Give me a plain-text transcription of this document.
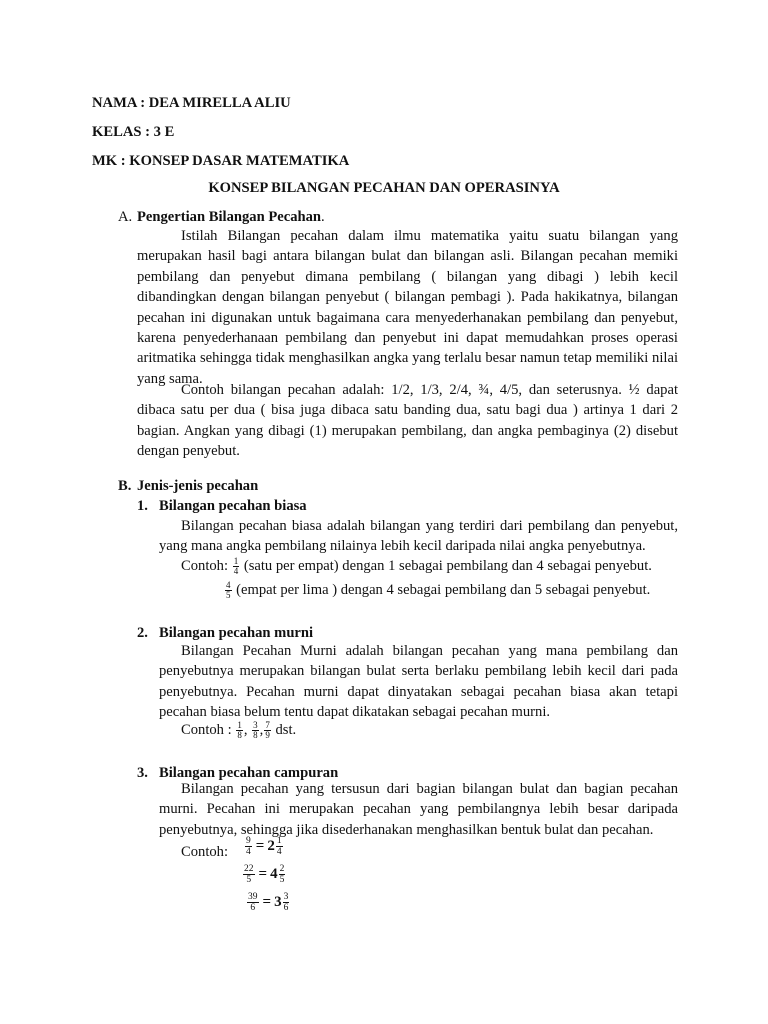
NAMA : DEA MIRELLA ALIU
KELAS : 3 E
MK : KONSEP DASAR MATEMATIKA
KONSEP BILANGAN PECAHAN DAN OPERASINYA
A. Pengertian Bilangan Pecahan.
Istilah Bilangan pecahan dalam ilmu matematika yaitu suatu bilangan yang merupakan hasil bagi antara bilangan bulat dan bilangan asli. Bilangan pecahan memiki pembilang dan penyebut dimana pembilang ( bilangan yang dibagi ) lebih kecil dibandingkan dengan bilangan penyebut ( bilangan pembagi ). Pada hakikatnya, bilangan pecahan ini digunakan untuk bagaimana cara menyederhanakan pembilang dan penyebut, karena penyederhanaan pembilang dan penyebut ini dapat memudahkan proses operasi aritmatika sehingga tidak menghasilkan angka yang terlalu besar namun tetap memiliki nilai yang sama.
Contoh bilangan pecahan adalah: 1/2, 1/3, 2/4, ¾, 4/5, dan seterusnya. ½ dapat dibaca satu per dua ( bisa juga dibaca satu banding dua, satu bagi dua ) artinya 1 dari 2 bagian. Angkan yang dibagi (1) merupakan pembilang, dan angka pembaginya (2) disebut dengan penyebut.
B. Jenis-jenis pecahan
1. Bilangan pecahan biasa
Bilangan pecahan biasa adalah bilangan yang terdiri dari pembilang dan penyebut, yang mana angka pembilang nilainya lebih kecil daripada nilai angka penyebutnya.
Contoh: $\frac{1}{4}$ (satu per empat) dengan 1 sebagai pembilang dan 4 sebagai penyebut.
$\frac{4}{5}$ (empat per lima ) dengan 4 sebagai pembilang dan 5 sebagai penyebut.
2. Bilangan pecahan murni
Bilangan Pecahan Murni adalah bilangan pecahan yang mana pembilang dan penyebutnya merupakan bilangan bulat serta berlaku pembilang lebih kecil dari pada penyebutnya. Pecahan murni dapat dinyatakan sebagai pecahan biasa akan tetapi pecahan biasa belum tentu dapat dikatakan sebagai pecahan murni.
Contoh : $\frac{1}{8}$ , $\frac{3}{8}$ , $\frac{7}{9}$ dst.
3. Bilangan pecahan campuran
Bilangan pecahan yang tersusun dari bagian bilangan bulat dan bagian pecahan murni. Pecahan ini merupakan pecahan yang pembilangnya lebih besar daripada penyebutnya, sehingga jika disederhanakan menghasilkan bentuk bulat dan pecahan.
Contoh: $\frac{9}{4} = 2 \frac{1}{4}$
$\frac{22}{5} = 4 \frac{2}{5}$
$\frac{39}{6} = 3 \frac{3}{6}$
